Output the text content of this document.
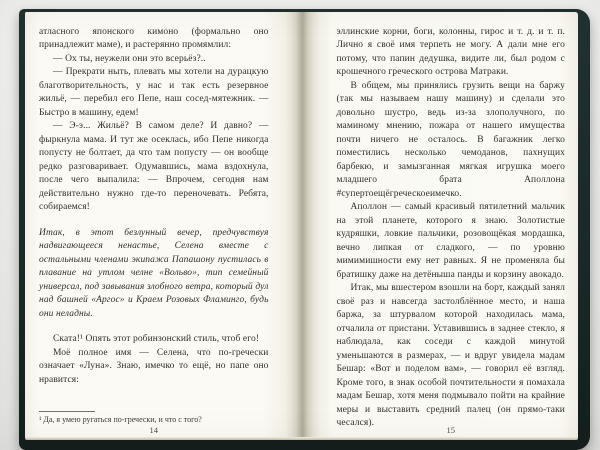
атласного японского кимоно (формально оно принадлежит маме), и растерянно промямлил:

— Ох ты, неужели они это всерьёз?..

— Прекрати ныть, плевать мы хотели на дурацкую благотворительность, у нас и так есть резервное жильё, — перебил его Пепе, наш сосед-мятежник. — Быстро в машину, едем!

— Э-э... Жильё? В самом деле? И давно? — фыркнула мама. И тут же осеклась, ибо Пепе никогда попусту не болтает, да что там попусту — он вообще редко разговаривает. Одумавшись, мама вздохнула, после чего выпалила: — Впрочем, сегодня нам действительно нужно где-то переночевать. Ребята, собираемся!

Итак, в этот безлунный вечер, предчувствуя надвигающееся ненастье, Селена вместе с остальными членами экипажа Папашону пустилась в плавание на утлом челне «Вольво», тип семейный универсал, под завывания злобного ветра, который дул над башней «Аргос» и Краем Розовых Фламинго, будь они неладны.

Ската!¹ Опять этот робинзонский стиль, чтоб его!

Моё полное имя — Селена, что по-гречески означает «Луна». Знаю, имечко то ещё, но папе оно нравится:

¹ Да, я умею ругаться по-гречески, и что с того?
14

эллинские корни, боги, колонны, гирос и т. д. и т. п. Лично я своё имя терпеть не могу. А дали мне его потому, что папин дедушка, видите ли, был родом с крошечного греческого острова Матраки.

В общем, мы принялись грузить вещи на баржу (так мы называем нашу машину) и сделали это довольно шустро, ведь из-за злополучного, по маминому мнению, пожара от нашего имущества почти ничего не осталось. В багажник легко поместились несколько чемоданов, пахнущих барбекю, и замызганная мягкая игрушка моего младшего брата Аполлона #супертоещёгреческоеимечко.

Аполлон — самый красивый пятилетний мальчик на этой планете, которого я знаю. Золотистые кудряшки, ловкие пальчики, розовощёкая мордашка, вечно липкая от сладкого, — по уровню мимимишности ему нет равных. Я не променяла бы братишку даже на детёныша панды и корзину авокадо.

Итак, мы вшестером взошли на борт, каждый занял своё раз и навсегда застолблённое место, и наша баржа, за штурвалом которой находилась мама, отчалила от пристани. Уставившись в заднее стекло, я наблюдала, как соседи с каждой минутой уменьшаются в размерах, — и вдруг увидела мадам Бешар: «Вот и поделом вам», — говорил её взгляд. Кроме того, в знак особой почтительности я помахала мадам Бешар, хотя меня подмывало пойти на крайние меры и выставить средний палец (он прямо-таки чесался).

15
